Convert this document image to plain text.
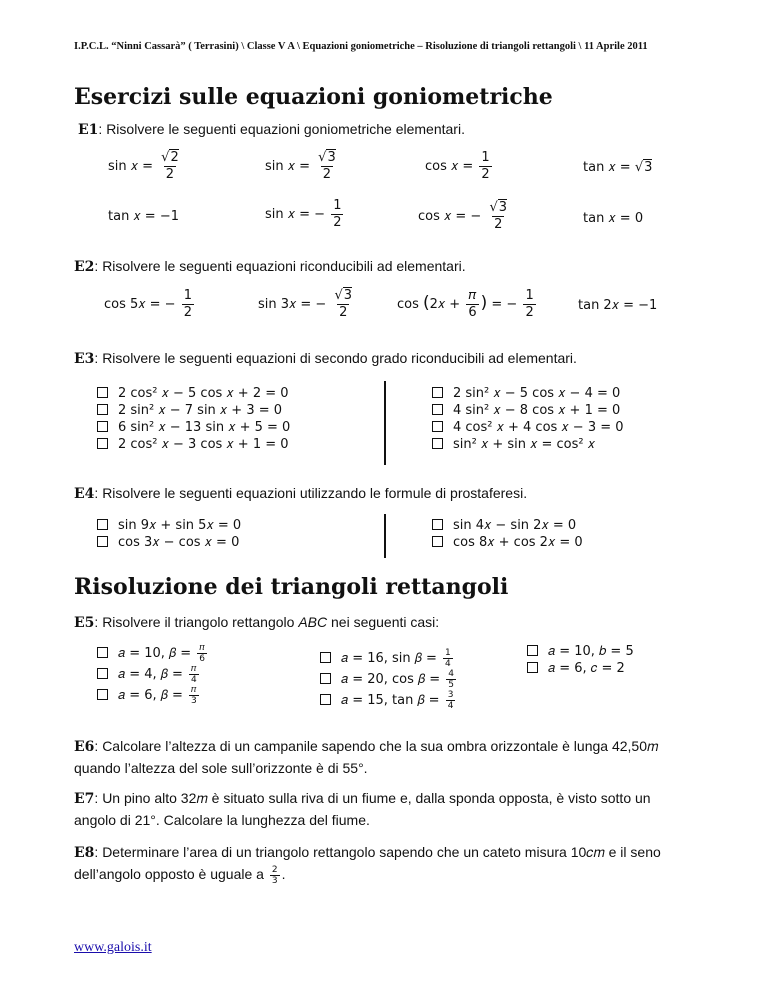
I.P.C.L. “Ninni Cassarà” ( Terrasini) \ Classe V A \ Equazioni goniometriche – Risoluzione di triangoli rettangoli \ 11 Aprile 2011
Esercizi sulle equazioni goniometriche
E1: Risolvere le seguenti equazioni goniometriche elementari.
sin 𝑥 = $\frac{√2}{2}$	sin 𝑥 = $\frac{√3}{2}$	cos 𝑥 = $\frac{1}{2}$	tan 𝑥 = √3
tan 𝑥 = −1	sin 𝑥 = − $\frac{1}{2}$	cos 𝑥 = − $\frac{√3}{2}$	tan 𝑥 = 0
E2: Risolvere le seguenti equazioni riconducibili ad elementari.
cos 5𝑥 = − $\frac{1}{2}$	sin 3𝑥 = − $\frac{√3}{2}$	cos (2𝑥 + $\frac{\text{𝜋}}{6}$ ) = − $\frac{1}{2}$	tan 2𝑥 = −1
E3: Risolvere le seguenti equazioni di secondo grado riconducibili ad elementari.
2 cos² 𝑥 − 5 cos 𝑥 + 2 = 0
2 sin² 𝑥 − 7 sin 𝑥 + 3 = 0
6 sin² 𝑥 − 13 sin 𝑥 + 5 = 0
2 cos² 𝑥 − 3 cos 𝑥 + 1 = 0
2 sin² 𝑥 − 5 cos 𝑥 − 4 = 0
4 sin² 𝑥 − 8 cos 𝑥 + 1 = 0
4 cos² 𝑥 + 4 cos 𝑥 − 3 = 0
sin² 𝑥 + sin 𝑥 = cos² 𝑥
E4: Risolvere le seguenti equazioni utilizzando le formule di prostaferesi.
sin 9𝑥 + sin 5𝑥 = 0
cos 3𝑥 − cos 𝑥 = 0
sin 4𝑥 − sin 2𝑥 = 0
cos 8𝑥 + cos 2𝑥 = 0
Risoluzione dei triangoli rettangoli
E5: Risolvere il triangolo rettangolo ABC nei seguenti casi:
𝑎 = 10, 𝛽 = $\frac{\text{𝜋}}{6}$
𝑎 = 4, 𝛽 = $\frac{\text{𝜋}}{4}$
𝑎 = 6, 𝛽 = $\frac{\text{𝜋}}{3}$
𝑎 = 16, sin 𝛽 = $\frac{1}{4}$
𝑎 = 20, cos 𝛽 = $\frac{4}{5}$
𝑎 = 15, tan 𝛽 = $\frac{3}{4}$
𝑎 = 10, 𝑏 = 5
𝑎 = 6, 𝑐 = 2
E6: Calcolare l’altezza di un campanile sapendo che la sua ombra orizzontale è lunga 42,50𝑚 quando l’altezza del sole sull’orizzonte è di 55°.
E7: Un pino alto 32𝑚 è situato sulla riva di un fiume e, dalla sponda opposta, è visto sotto un angolo di 21°. Calcolare la lunghezza del fiume.
E8: Determinare l’area di un triangolo rettangolo sapendo che un cateto misura 10𝑐𝑚 e il seno dell’angolo opposto è uguale a $\frac{2}{3}$ .
www.galois.it
